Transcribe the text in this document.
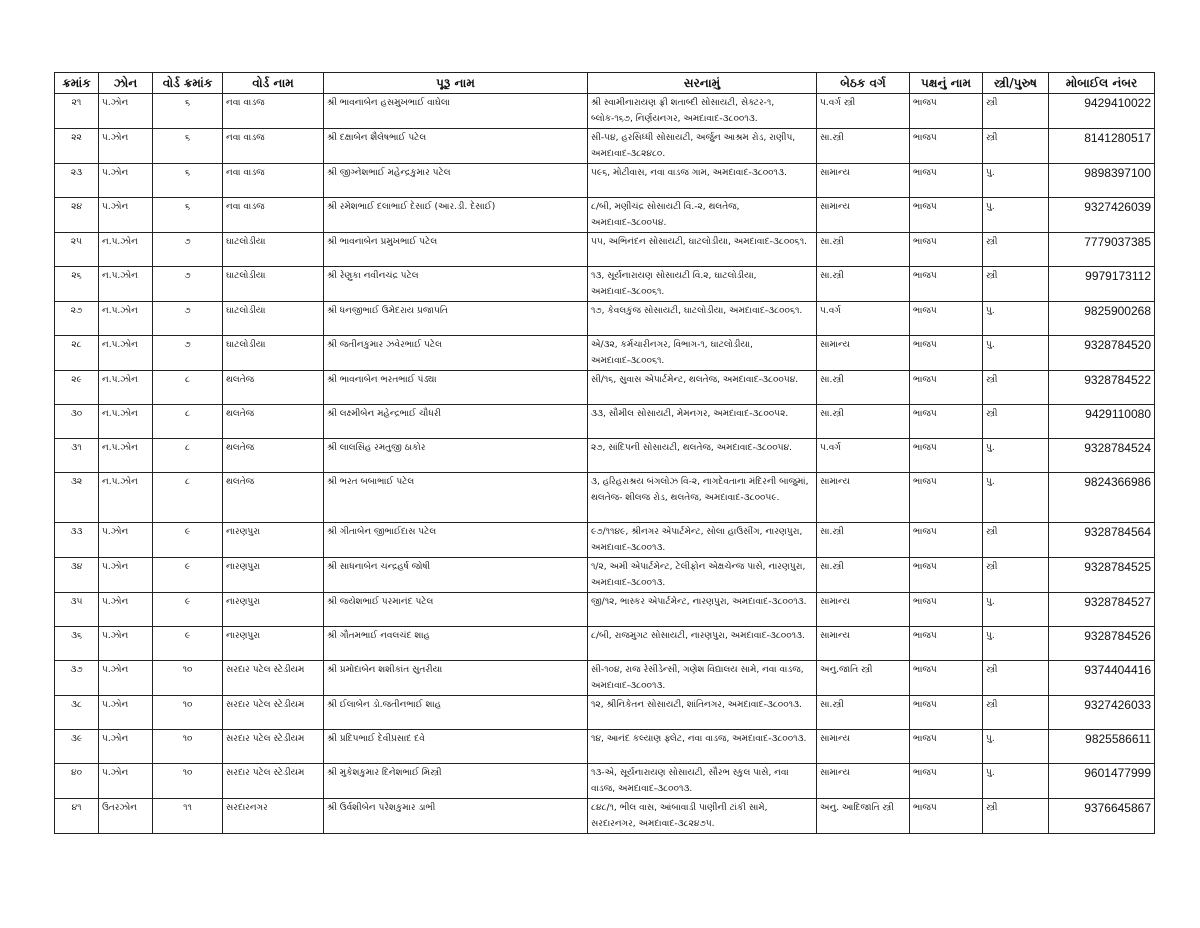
ક્રમાંક	ઝોન	વોર્ડ ક્રમાંક	વોર્ડ નામ	પૂરૂ નામ	સરનામું	બેઠક વર્ગ	પક્ષનું નામ	સ્ત્રી/પુરુષ	મોબાઈલ નંબર
૨૧	પ.ઝોન	૬	નવા વાડજ	શ્રી ભાવનાબેન હસમુખભાઈ વાઘેલા	શ્રી સ્વામીનારાયણ ફ્રી શતાબ્દી સોસાયટી, સેક્ટર-૧, બ્લોક-૧૬૭, નિર્ણયનગર, અમદાવાદ-૩૮૦૦૧૩.	પ.વર્ગ સ્ત્રી	ભાજપ	સ્ત્રી	9429410022
૨૨	પ.ઝોન	૬	નવા વાડજ	શ્રી દક્ષાબેન શૈલેષભાઈ પટેલ	સી-૫૪, હરસિધ્ધી સોસાયટી, અર્જુન આશ્રમ રોડ, રાણીપ, અમદાવાદ-૩૮૨૪૮૦.	સા.સ્ત્રી	ભાજપ	સ્ત્રી	8141280517
૨૩	પ.ઝોન	૬	નવા વાડજ	શ્રી જીગ્નેશભાઈ મહેન્દ્રકુમાર પટેલ	૫૯૬, મોટીવાસ, નવા વાડજ ગામ, અમદાવાદ-૩૮૦૦૧૩.	સામાન્ય	ભાજપ	પુ.	9898397100
૨૪	પ.ઝોન	૬	નવા વાડજ	શ્રી રમેશભાઈ દલાભાઈ દેસાઈ (આર.ડી. દેસાઈ)	૮/બી, મણીચંદ્ર સોસાયટી વિ.-૨, થલતેજ, અમદાવાદ-૩૮૦૦૫૪.	સામાન્ય	ભાજપ	પુ.	9327426039
૨૫	ન.પ.ઝોન	૭	ઘાટલોડીયા	શ્રી ભાવનાબેન પ્રમુખભાઈ પટેલ	૫૫, અભિનંદન સોસાયટી, ઘાટલોડીયા, અમદાવાદ-૩૮૦૦૬૧.	સા.સ્ત્રી	ભાજપ	સ્ત્રી	7779037385
૨૬	ન.પ.ઝોન	૭	ઘાટલોડીયા	શ્રી રેણુકા નવીનચંદ્ર પટેલ	૧૩, સૂર્યનારાયણ સોસાયટી વિ.૨, ઘાટલોડીયા, અમદાવાદ-૩૮૦૦૬૧.	સા.સ્ત્રી	ભાજપ	સ્ત્રી	9979173112
૨૭	ન.પ.ઝોન	૭	ઘાટલોડીયા	શ્રી ધનજીભાઈ ઉમેદરાય પ્રજાપતિ	૧૭, કેવલકુંજ સોસાયટી, ઘાટલોડીયા, અમદાવાદ-૩૮૦૦૬૧.	પ.વર્ગ	ભાજપ	પુ.	9825900268
૨૮	ન.પ.ઝોન	૭	ઘાટલોડીયા	શ્રી જતીનકુમાર ઝવેરભાઈ પટેલ	એ/૩૨, કર્મચારીનગર, વિભાગ-૧, ઘાટલોડીયા, અમદાવાદ-૩૮૦૦૬૧.	સામાન્ય	ભાજપ	પુ.	9328784520
૨૯	ન.પ.ઝોન	૮	થલતેજ	શ્રી ભાવનાબેન ભરતભાઈ પંડ્યા	સી/૧૬, સુવાસ એપાર્ટમેન્ટ, થલતેજ, અમદાવાદ-૩૮૦૦૫૪.	સા.સ્ત્રી	ભાજપ	સ્ત્રી	9328784522
૩૦	ન.પ.ઝોન	૮	થલતેજ	શ્રી લક્ષ્મીબેન મહેન્દ્રભાઈ ચૌધરી	૩૩, સૌમીલ સોસાયટી, મેમનગર, અમદાવાદ-૩૮૦૦૫૨.	સા.સ્ત્રી	ભાજપ	સ્ત્રી	9429110080
૩૧	ન.પ.ઝોન	૮	થલતેજ	શ્રી લાલસિંહ રમતુજી ઠાકોર	૨૭, સાંદિપની સોસાયટી, થલતેજ, અમદાવાદ-૩૮૦૦૫૪.	પ.વર્ગ	ભાજપ	પુ.	9328784524
૩૨	ન.પ.ઝોન	૮	થલતેજ	શ્રી ભરત બબાભાઈ પટેલ	૩, હરિહરાશ્રય બંગલોઝ વિ-૨, નાગદેવતાના મંદિરની બાજુમાં, થલતેજ- શીલજ રોડ, થલતેજ, અમદાવાદ-૩૮૦૦૫૯.	સામાન્ય	ભાજપ	પુ.	9824366986
૩૩	પ.ઝોન	૯	નારણપુરા	શ્રી ગીતાબેન જીભાઈદાસ પટેલ	૯૭/૧૧૪૯, શ્રીનગર એપાર્ટમેન્ટ, સોલા હાઉસીંગ, નારણપુરા, અમદાવાદ-૩૮૦૦૧૩.	સા.સ્ત્રી	ભાજપ	સ્ત્રી	9328784564
૩૪	પ.ઝોન	૯	નારણપુરા	શ્રી સાધનાબેન ચન્દ્રહર્ષ જોષી	૧/૨, અમી એપાર્ટમેન્ટ, ટેલીફોન એક્ષચેન્જ પાસે, નારણપુરા, અમદાવાદ-૩૮૦૦૧૩.	સા.સ્ત્રી	ભાજપ	સ્ત્રી	9328784525
૩૫	પ.ઝોન	૯	નારણપુરા	શ્રી જયેશભાઈ પરમાનંદ પટેલ	જી/૧૨, ભાસ્કર એપાર્ટમેન્ટ, નારણપુરા, અમદાવાદ-૩૮૦૦૧૩.	સામાન્ય	ભાજપ	પુ.	9328784527
૩૬	પ.ઝોન	૯	નારણપુરા	શ્રી ગૌતમભાઈ નવલચંદ શાહ	૮/બી, રાજમુગટ સોસાયટી, નારણપુરા, અમદાવાદ-૩૮૦૦૧૩.	સામાન્ય	ભાજપ	પુ.	9328784526
૩૭	પ.ઝોન	૧૦	સરદાર પટેલ સ્ટેડીયમ	શ્રી પ્રમોદાબેન શશીકાંત સુતરીયા	સી-૧૦૪, રાજ રેસીડેન્સી, ગણેશ વિદ્યાલય સામે, નવા વાડજ, અમદાવાદ-૩૮૦૦૧૩.	અનુ.જાતિ સ્ત્રી	ભાજપ	સ્ત્રી	9374404416
૩૮	પ.ઝોન	૧૦	સરદાર પટેલ સ્ટેડીયમ	શ્રી ઈલાબેન ડો.જતીનભાઈ શાહ	૧૨, શ્રીનિકેતન સોસાયટી, શાંતિનગર, અમદાવાદ-૩૮૦૦૧૩.	સા.સ્ત્રી	ભાજપ	સ્ત્રી	9327426033
૩૯	પ.ઝોન	૧૦	સરદાર પટેલ સ્ટેડીયમ	શ્રી પ્રદિપભાઈ દેવીપ્રસાદ દવે	૧૪, આનંદ કલ્યાણ ફ્લેટ, નવા વાડજ, અમદાવાદ-૩૮૦૦૧૩.	સામાન્ય	ભાજપ	પુ.	9825586611
૪૦	પ.ઝોન	૧૦	સરદાર પટેલ સ્ટેડીયમ	શ્રી મુકેશકુમાર દિનેશભાઈ મિસ્ત્રી	૧૩-એ, સૂર્યનારાયણ સોસાયટી, સૌરભ સ્કુલ પાસે, નવા વાડજ, અમદાવાદ-૩૮૦૦૧૩.	સામાન્ય	ભાજપ	પુ.	9601477999
૪૧	ઉતરઝોન	૧૧	સરદારનગર	શ્રી ઉર્વશીબેન પરેશકુમાર ડાભી	૮૪૮/૧, ભીલ વાસ, આંબાવાડી પાણીની ટાંકી સામે, સરદારનગર, અમદાવાદ-૩૮૨૪૭૫.	અનુ. આદિજાતિ સ્ત્રી	ભાજપ	સ્ત્રી	9376645867
